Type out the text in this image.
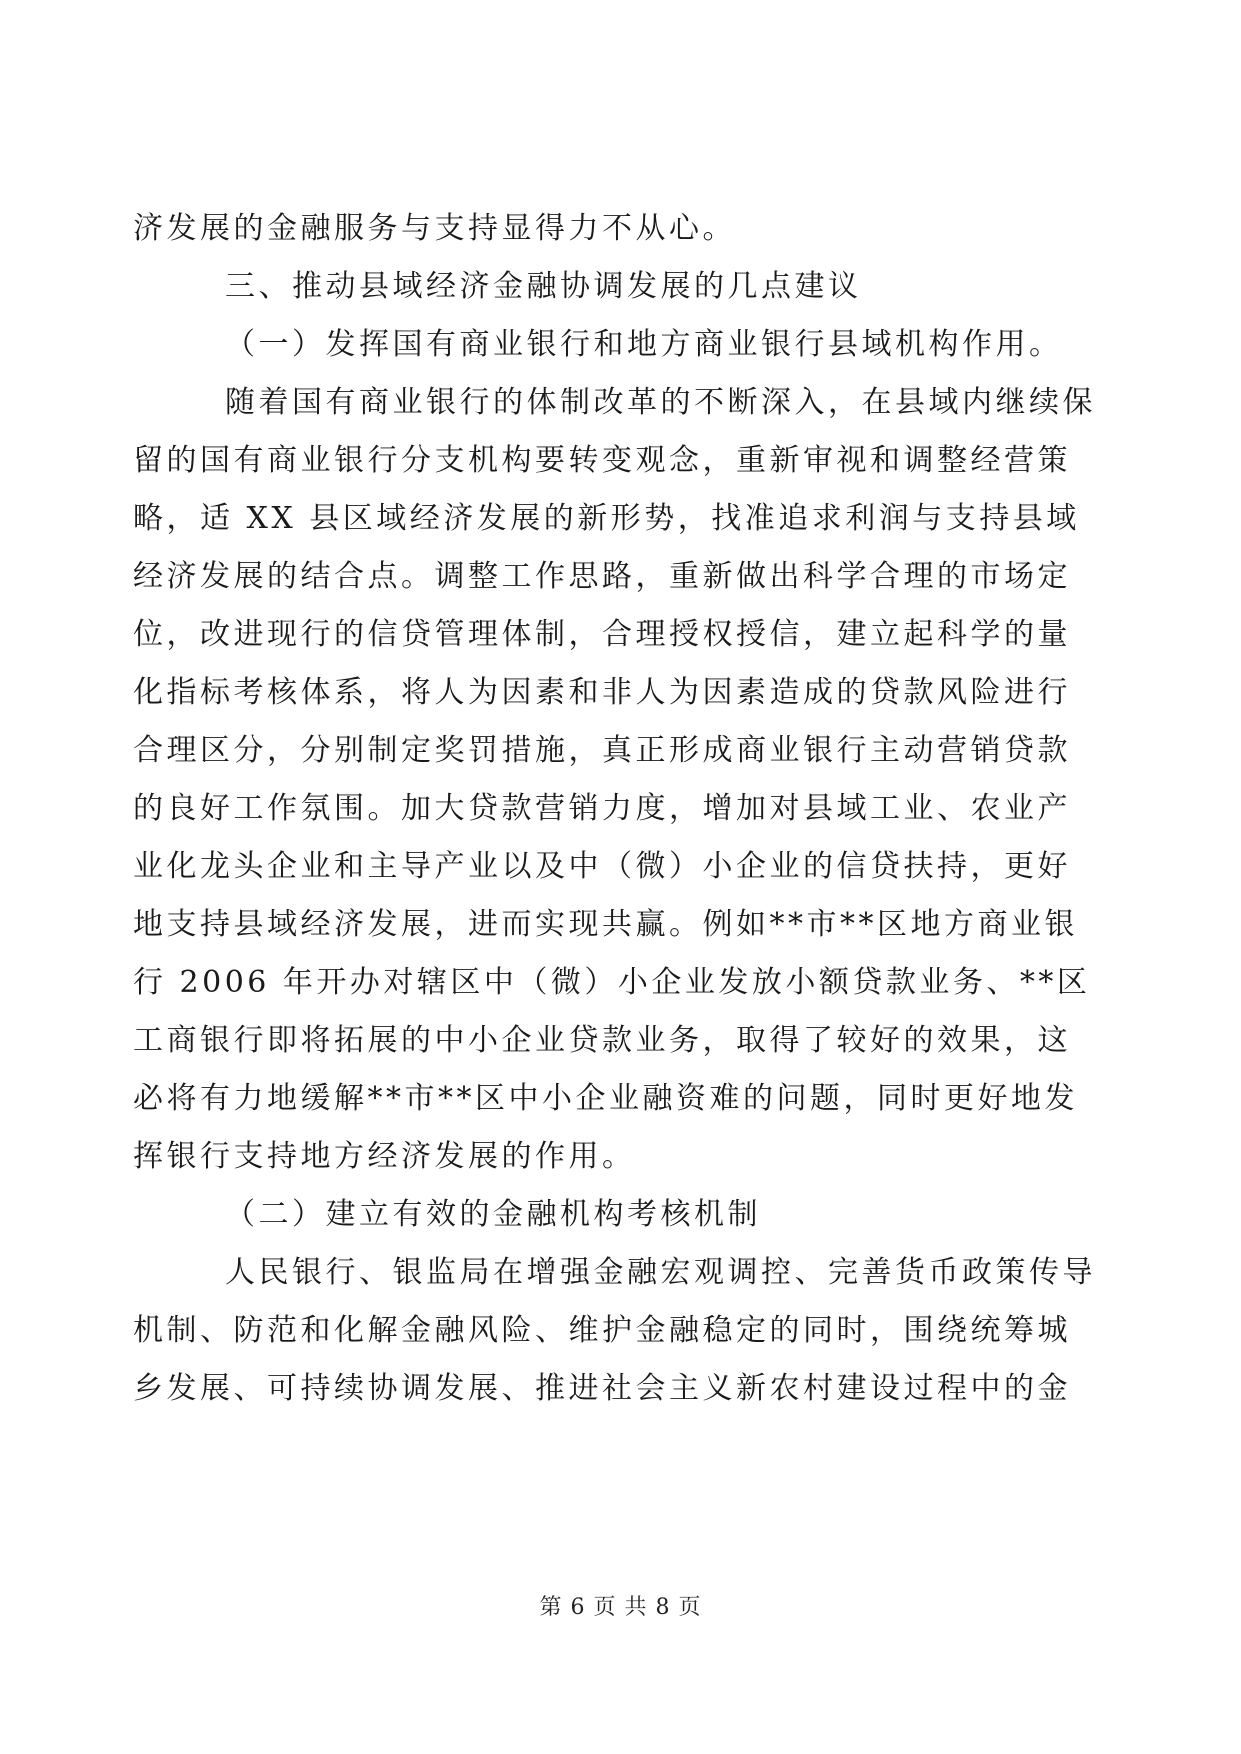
济发展的金融服务与支持显得力不从心。
三、推动县域经济金融协调发展的几点建议
（一）发挥国有商业银行和地方商业银行县域机构作用。
随着国有商业银行的体制改革的不断深入，在县域内继续保
留的国有商业银行分支机构要转变观念，重新审视和调整经营策
略，适 XX 县区域经济发展的新形势，找准追求利润与支持县域
经济发展的结合点。调整工作思路，重新做出科学合理的市场定
位，改进现行的信贷管理体制，合理授权授信，建立起科学的量
化指标考核体系，将人为因素和非人为因素造成的贷款风险进行
合理区分，分别制定奖罚措施，真正形成商业银行主动营销贷款
的良好工作氛围。加大贷款营销力度，增加对县域工业、农业产
业化龙头企业和主导产业以及中（微）小企业的信贷扶持，更好
地支持县域经济发展，进而实现共赢。例如**市**区地方商业银
行 2006 年开办对辖区中（微）小企业发放小额贷款业务、**区
工商银行即将拓展的中小企业贷款业务，取得了较好的效果，这
必将有力地缓解**市**区中小企业融资难的问题，同时更好地发
挥银行支持地方经济发展的作用。
（二）建立有效的金融机构考核机制
人民银行、银监局在增强金融宏观调控、完善货币政策传导
机制、防范和化解金融风险、维护金融稳定的同时，围绕统筹城
乡发展、可持续协调发展、推进社会主义新农村建设过程中的金
第 6 页 共 8 页
